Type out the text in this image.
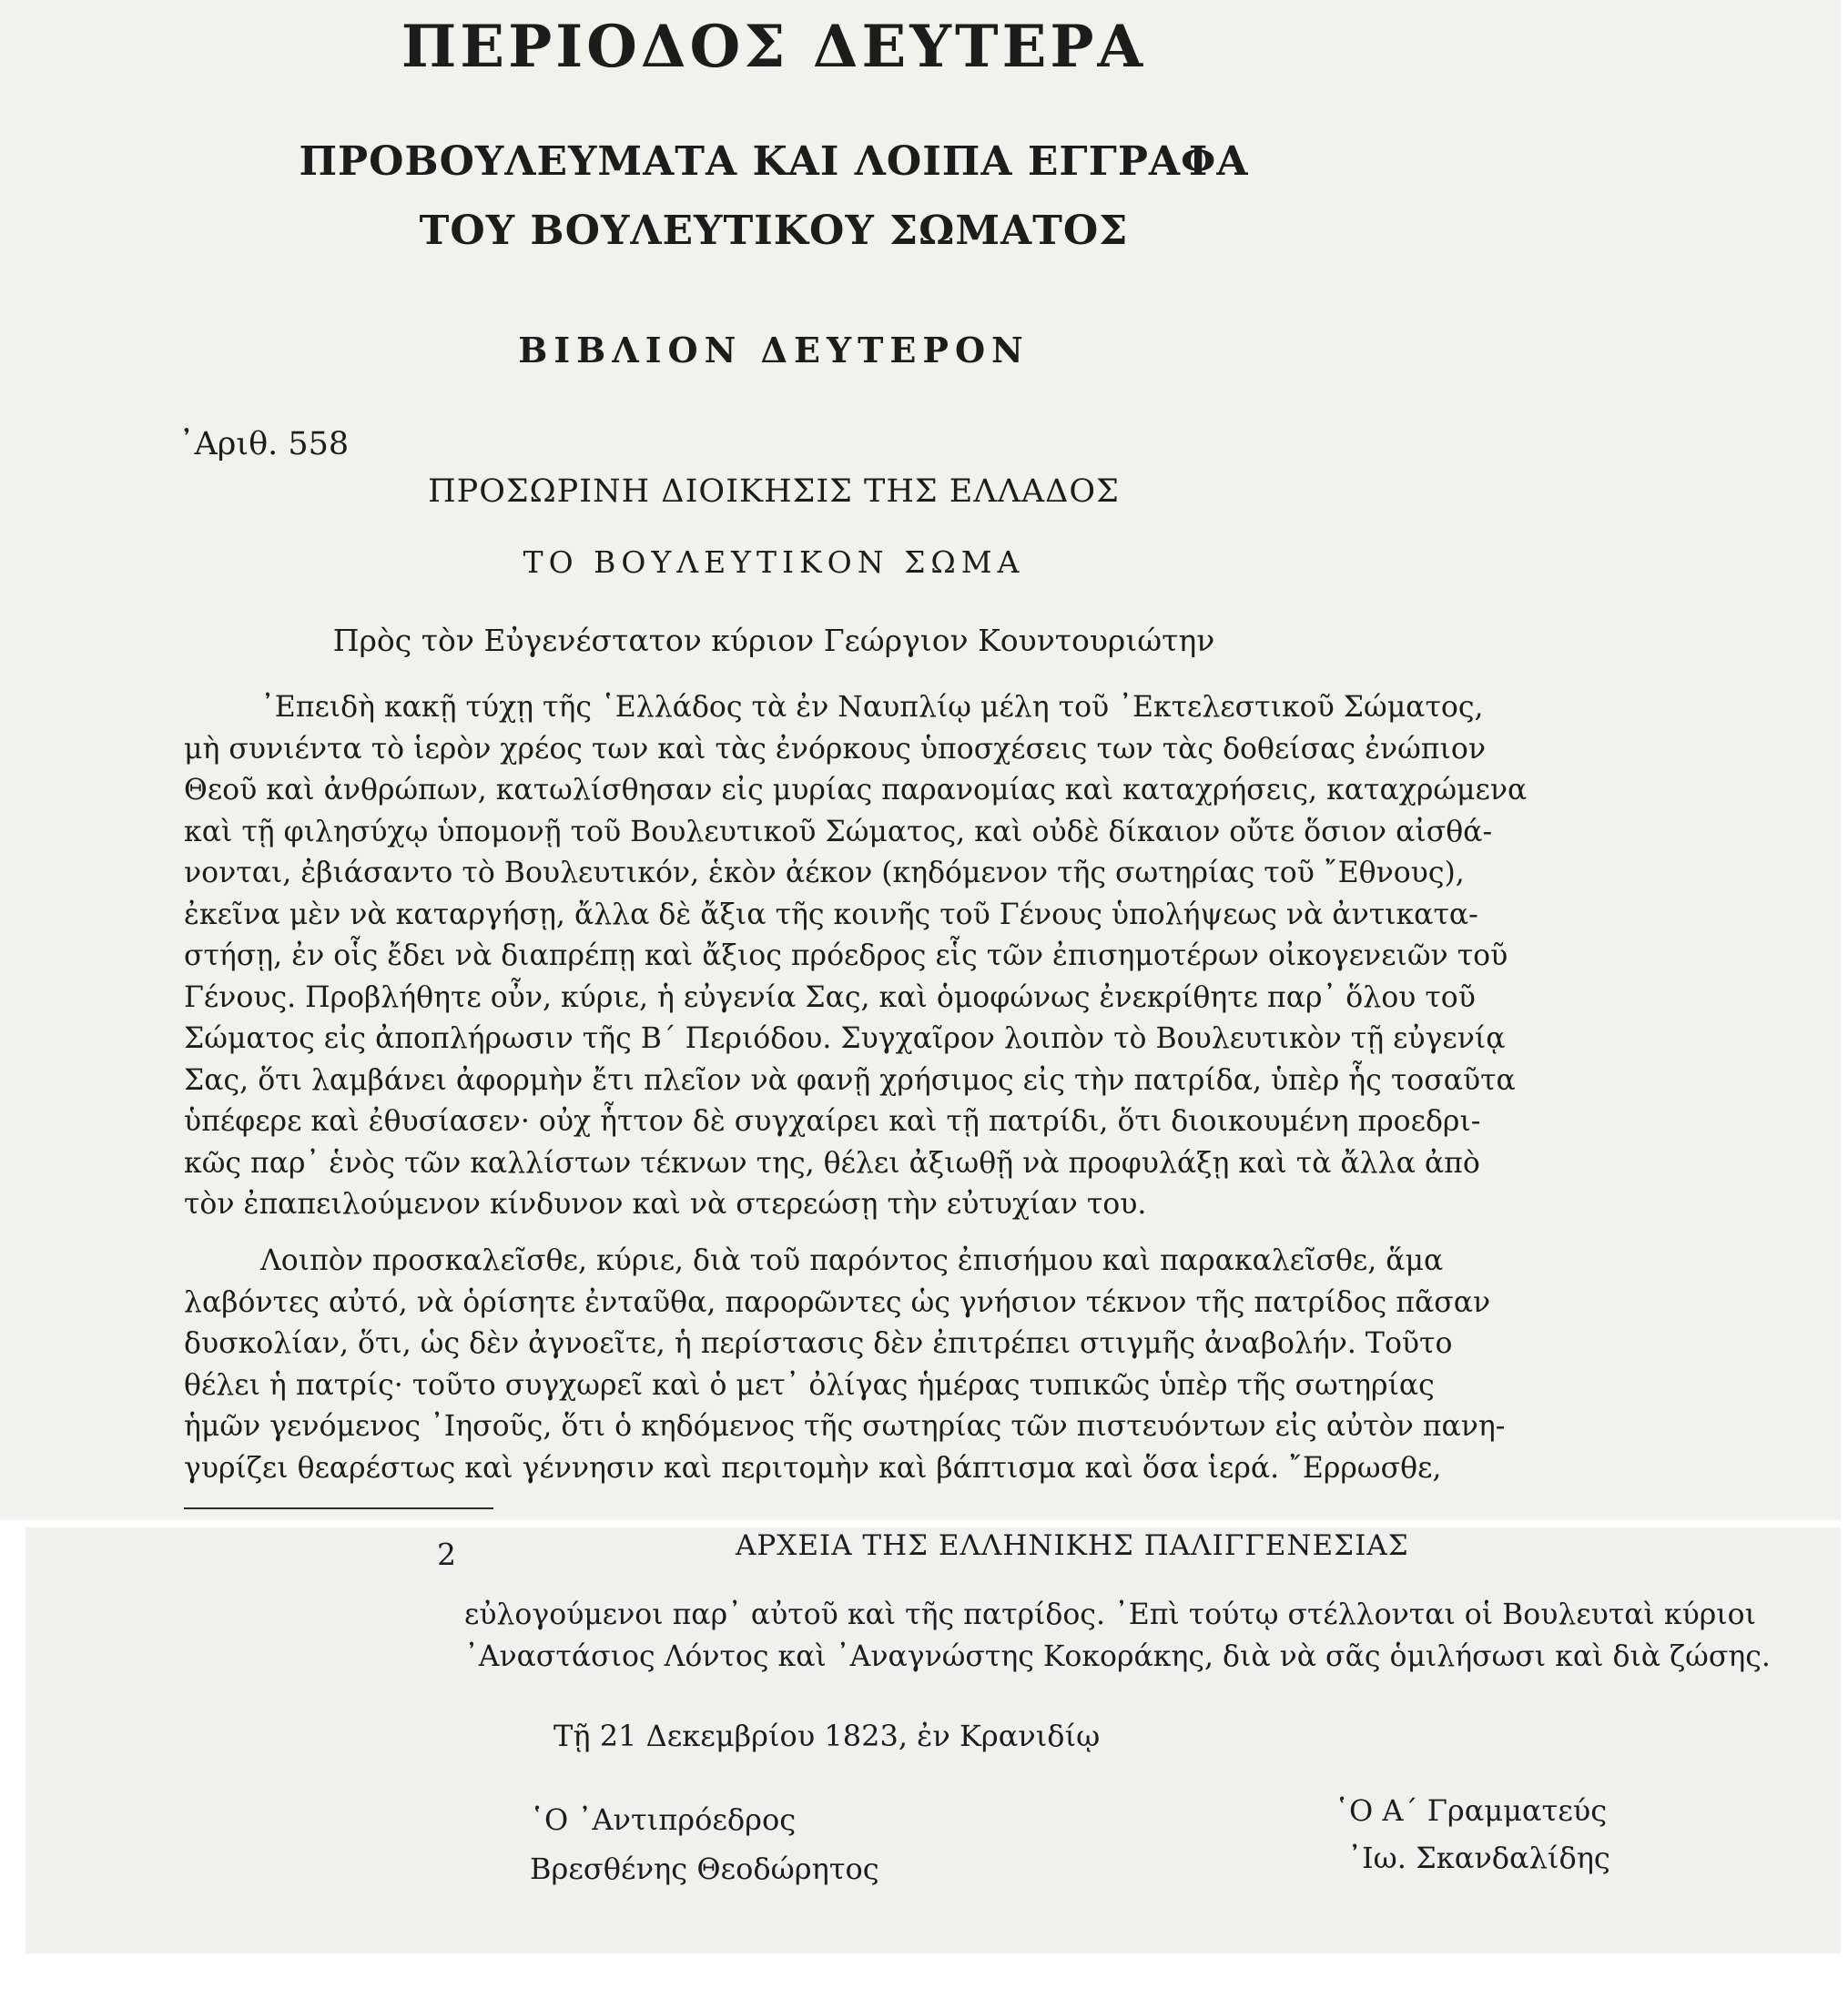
ΠΕΡΙΟΔΟΣ ΔΕΥΤΕΡΑ
ΠΡΟΒΟΥΛΕΥΜΑΤΑ ΚΑΙ ΛΟΙΠΑ ΕΓΓΡΑΦΑ
ΤΟΥ ΒΟΥΛΕΥΤΙΚΟΥ ΣΩΜΑΤΟΣ
ΒΙΒΛΙΟΝ ΔΕΥΤΕΡΟΝ
᾿Αριθ. 558
ΠΡΟΣΩΡΙΝΗ ΔΙΟΙΚΗΣΙΣ ΤΗΣ ΕΛΛΑΔΟΣ
ΤΟ ΒΟΥΛΕΥΤΙΚΟΝ ΣΩΜΑ
Πρὸς τὸν Εὐγενέστατον κύριον Γεώργιον Κουντουριώτην
᾿Επειδὴ κακῇ τύχῃ τῆς ῾Ελλάδος τὰ ἐν Ναυπλίῳ μέλη τοῦ ᾿Εκτελεστικοῦ Σώματος,
μὴ συνιέντα τὸ ἱερὸν χρέος των καὶ τὰς ἐνόρκους ὑποσχέσεις των τὰς δοθείσας ἐνώπιον
Θεοῦ καὶ ἀνθρώπων, κατωλίσθησαν εἰς μυρίας παρανομίας καὶ καταχρήσεις, καταχρώμενα
καὶ τῇ φιλησύχῳ ὑπομονῇ τοῦ Βουλευτικοῦ Σώματος, καὶ οὐδὲ δίκαιον οὔτε ὅσιον αἰσθά-
νονται, ἐβιάσαντο τὸ Βουλευτικόν, ἑκὸν ἀέκον (κηδόμενον τῆς σωτηρίας τοῦ ῎Εθνους),
ἐκεῖνα μὲν νὰ καταργήσῃ, ἄλλα δὲ ἄξια τῆς κοινῆς τοῦ Γένους ὑπολήψεως νὰ ἀντικατα-
στήσῃ, ἐν οἷς ἔδει νὰ διαπρέπῃ καὶ ἄξιος πρόεδρος εἷς τῶν ἐπισημοτέρων οἰκογενειῶν τοῦ
Γένους. Προβλήθητε οὖν, κύριε, ἡ εὐγενία Σας, καὶ ὁμοφώνως ἐνεκρίθητε παρ᾿ ὅλου τοῦ
Σώματος εἰς ἀποπλήρωσιν τῆς Β΄ Περιόδου. Συγχαῖρον λοιπὸν τὸ Βουλευτικὸν τῇ εὐγενίᾳ
Σας, ὅτι λαμβάνει ἀφορμὴν ἔτι πλεῖον νὰ φανῇ χρήσιμος εἰς τὴν πατρίδα, ὑπὲρ ἧς τοσαῦτα
ὑπέφερε καὶ ἐθυσίασεν· οὐχ ἧττον δὲ συγχαίρει καὶ τῇ πατρίδι, ὅτι διοικουμένη προεδρι-
κῶς παρ᾿ ἑνὸς τῶν καλλίστων τέκνων της, θέλει ἀξιωθῇ νὰ προφυλάξῃ καὶ τὰ ἄλλα ἀπὸ
τὸν ἐπαπειλούμενον κίνδυνον καὶ νὰ στερεώσῃ τὴν εὐτυχίαν του.
Λοιπὸν προσκαλεῖσθε, κύριε, διὰ τοῦ παρόντος ἐπισήμου καὶ παρακαλεῖσθε, ἅμα
λαβόντες αὐτό, νὰ ὁρίσητε ἐνταῦθα, παρορῶντες ὡς γνήσιον τέκνον τῆς πατρίδος πᾶσαν
δυσκολίαν, ὅτι, ὡς δὲν ἀγνοεῖτε, ἡ περίστασις δὲν ἐπιτρέπει στιγμῆς ἀναβολήν. Τοῦτο
θέλει ἡ πατρίς· τοῦτο συγχωρεῖ καὶ ὁ μετ᾿ ὀλίγας ἡμέρας τυπικῶς ὑπὲρ τῆς σωτηρίας
ἡμῶν γενόμενος ᾿Ιησοῦς, ὅτι ὁ κηδόμενος τῆς σωτηρίας τῶν πιστευόντων εἰς αὐτὸν πανη-
γυρίζει θεαρέστως καὶ γέννησιν καὶ περιτομὴν καὶ βάπτισμα καὶ ὅσα ἱερά. ῎Ερρωσθε,
2	ΑΡΧΕΙΑ ΤΗΣ ΕΛΛΗΝΙΚΗΣ ΠΑΛΙΓΓΕΝΕΣΙΑΣ
εὐλογούμενοι παρ᾿ αὐτοῦ καὶ τῆς πατρίδος. ᾿Επὶ τούτῳ στέλλονται οἱ Βουλευταὶ κύριοι
᾿Αναστάσιος Λόντος καὶ ᾿Αναγνώστης Κοκοράκης, διὰ νὰ σᾶς ὁμιλήσωσι καὶ διὰ ζώσης.
Τῇ 21 Δεκεμβρίου 1823, ἐν Κρανιδίῳ
῾Ο ᾿Αντιπρόεδρος
Βρεσθένης Θεοδώρητος
῾Ο Α΄ Γραμματεύς
᾿Ιω. Σκανδαλίδης
